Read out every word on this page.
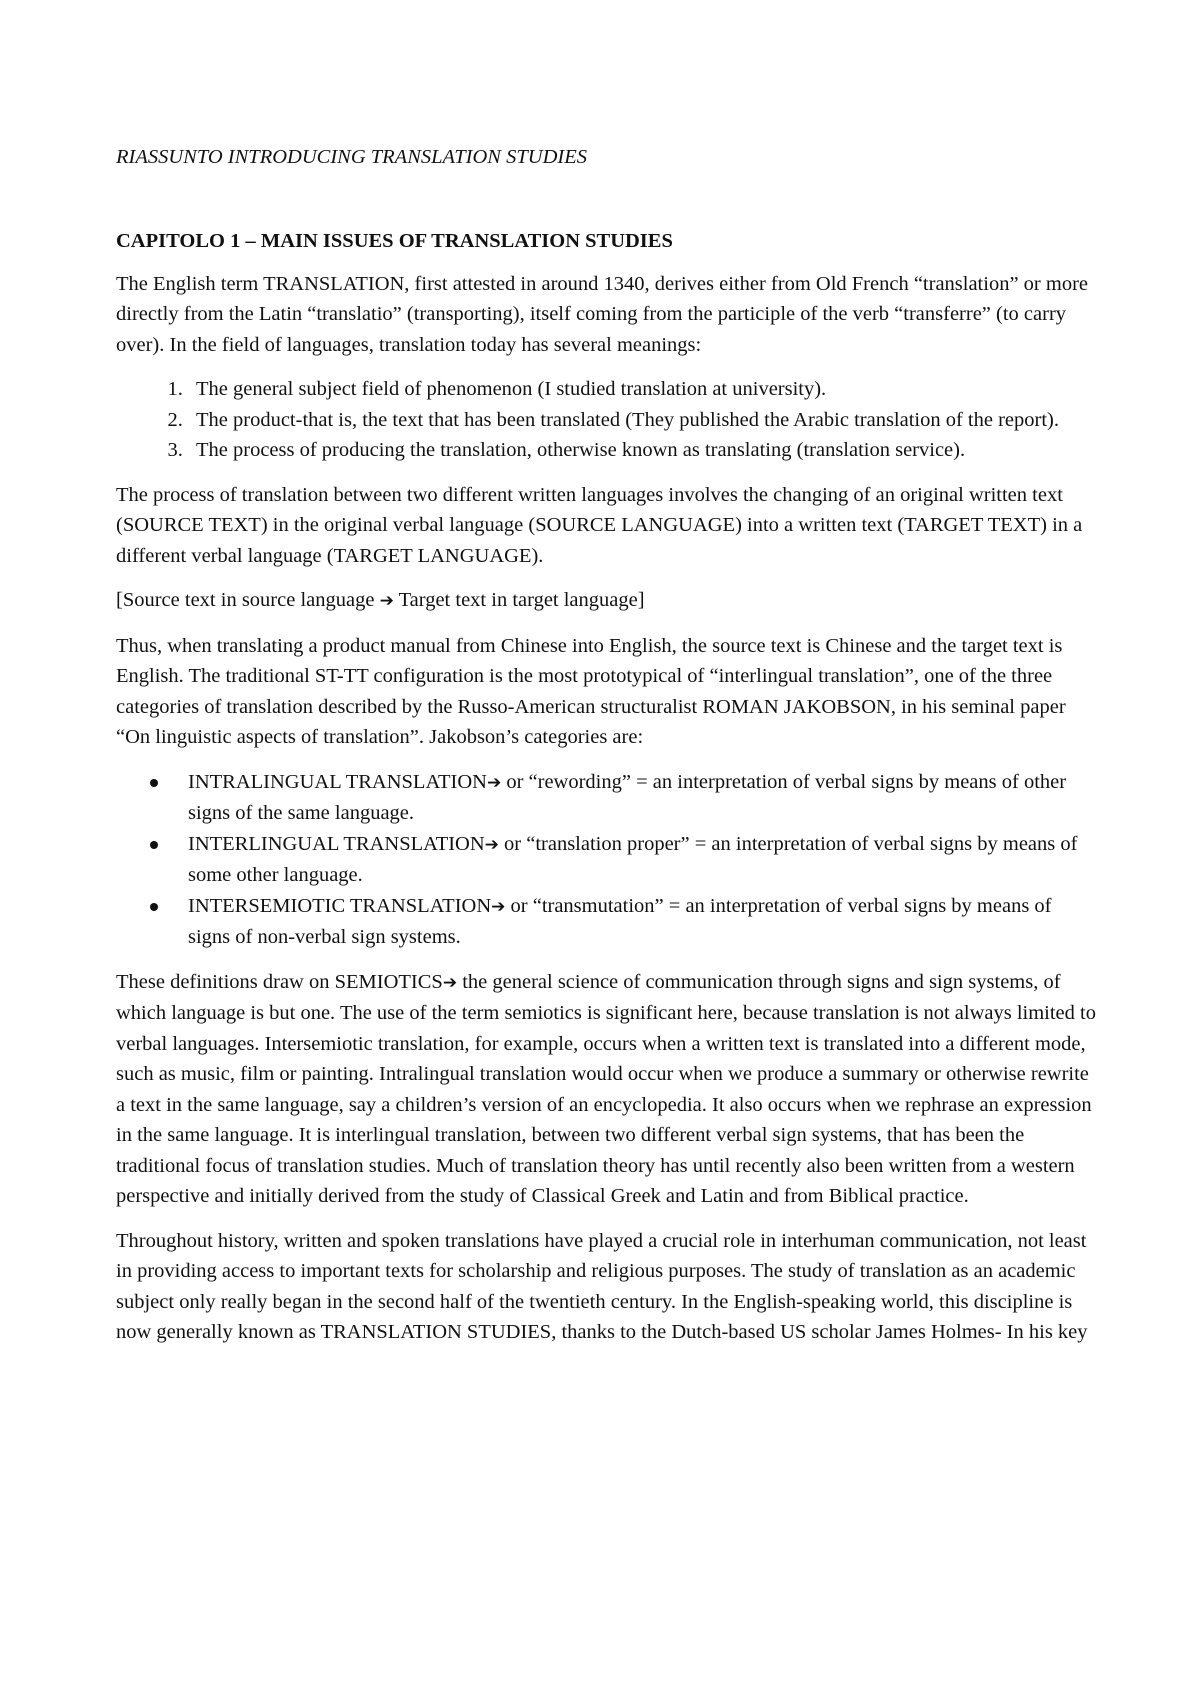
RIASSUNTO INTRODUCING TRANSLATION STUDIES

CAPITOLO 1 – MAIN ISSUES OF TRANSLATION STUDIES

The English term TRANSLATION, first attested in around 1340, derives either from Old French “translation” or more directly from the Latin “translatio” (transporting), itself coming from the participle of the verb “transferre” (to carry over). In the field of languages, translation today has several meanings:

1. The general subject field of phenomenon (I studied translation at university).
2. The product-that is, the text that has been translated (They published the Arabic translation of the report).
3. The process of producing the translation, otherwise known as translating (translation service).

The process of translation between two different written languages involves the changing of an original written text (SOURCE TEXT) in the original verbal language (SOURCE LANGUAGE) into a written text (TARGET TEXT) in a different verbal language (TARGET LANGUAGE).

[Source text in source language ➔ Target text in target language]

Thus, when translating a product manual from Chinese into English, the source text is Chinese and the target text is English. The traditional ST-TT configuration is the most prototypical of “interlingual translation”, one of the three categories of translation described by the Russo-American structuralist ROMAN JAKOBSON, in his seminal paper “On linguistic aspects of translation”. Jakobson’s categories are:

INTRALINGUAL TRANSLATION➔ or “rewording” = an interpretation of verbal signs by means of other signs of the same language.
INTERLINGUAL TRANSLATION➔ or “translation proper” = an interpretation of verbal signs by means of some other language.
INTERSEMIOTIC TRANSLATION➔ or “transmutation” = an interpretation of verbal signs by means of signs of non-verbal sign systems.

These definitions draw on SEMIOTICS➔ the general science of communication through signs and sign systems, of which language is but one. The use of the term semiotics is significant here, because translation is not always limited to verbal languages. Intersemiotic translation, for example, occurs when a written text is translated into a different mode, such as music, film or painting. Intralingual translation would occur when we produce a summary or otherwise rewrite a text in the same language, say a children’s version of an encyclopedia. It also occurs when we rephrase an expression in the same language. It is interlingual translation, between two different verbal sign systems, that has been the traditional focus of translation studies. Much of translation theory has until recently also been written from a western perspective and initially derived from the study of Classical Greek and Latin and from Biblical practice.

Throughout history, written and spoken translations have played a crucial role in interhuman communication, not least in providing access to important texts for scholarship and religious purposes. The study of translation as an academic subject only really began in the second half of the twentieth century. In the English-speaking world, this discipline is now generally known as TRANSLATION STUDIES, thanks to the Dutch-based US scholar James Holmes- In his key
